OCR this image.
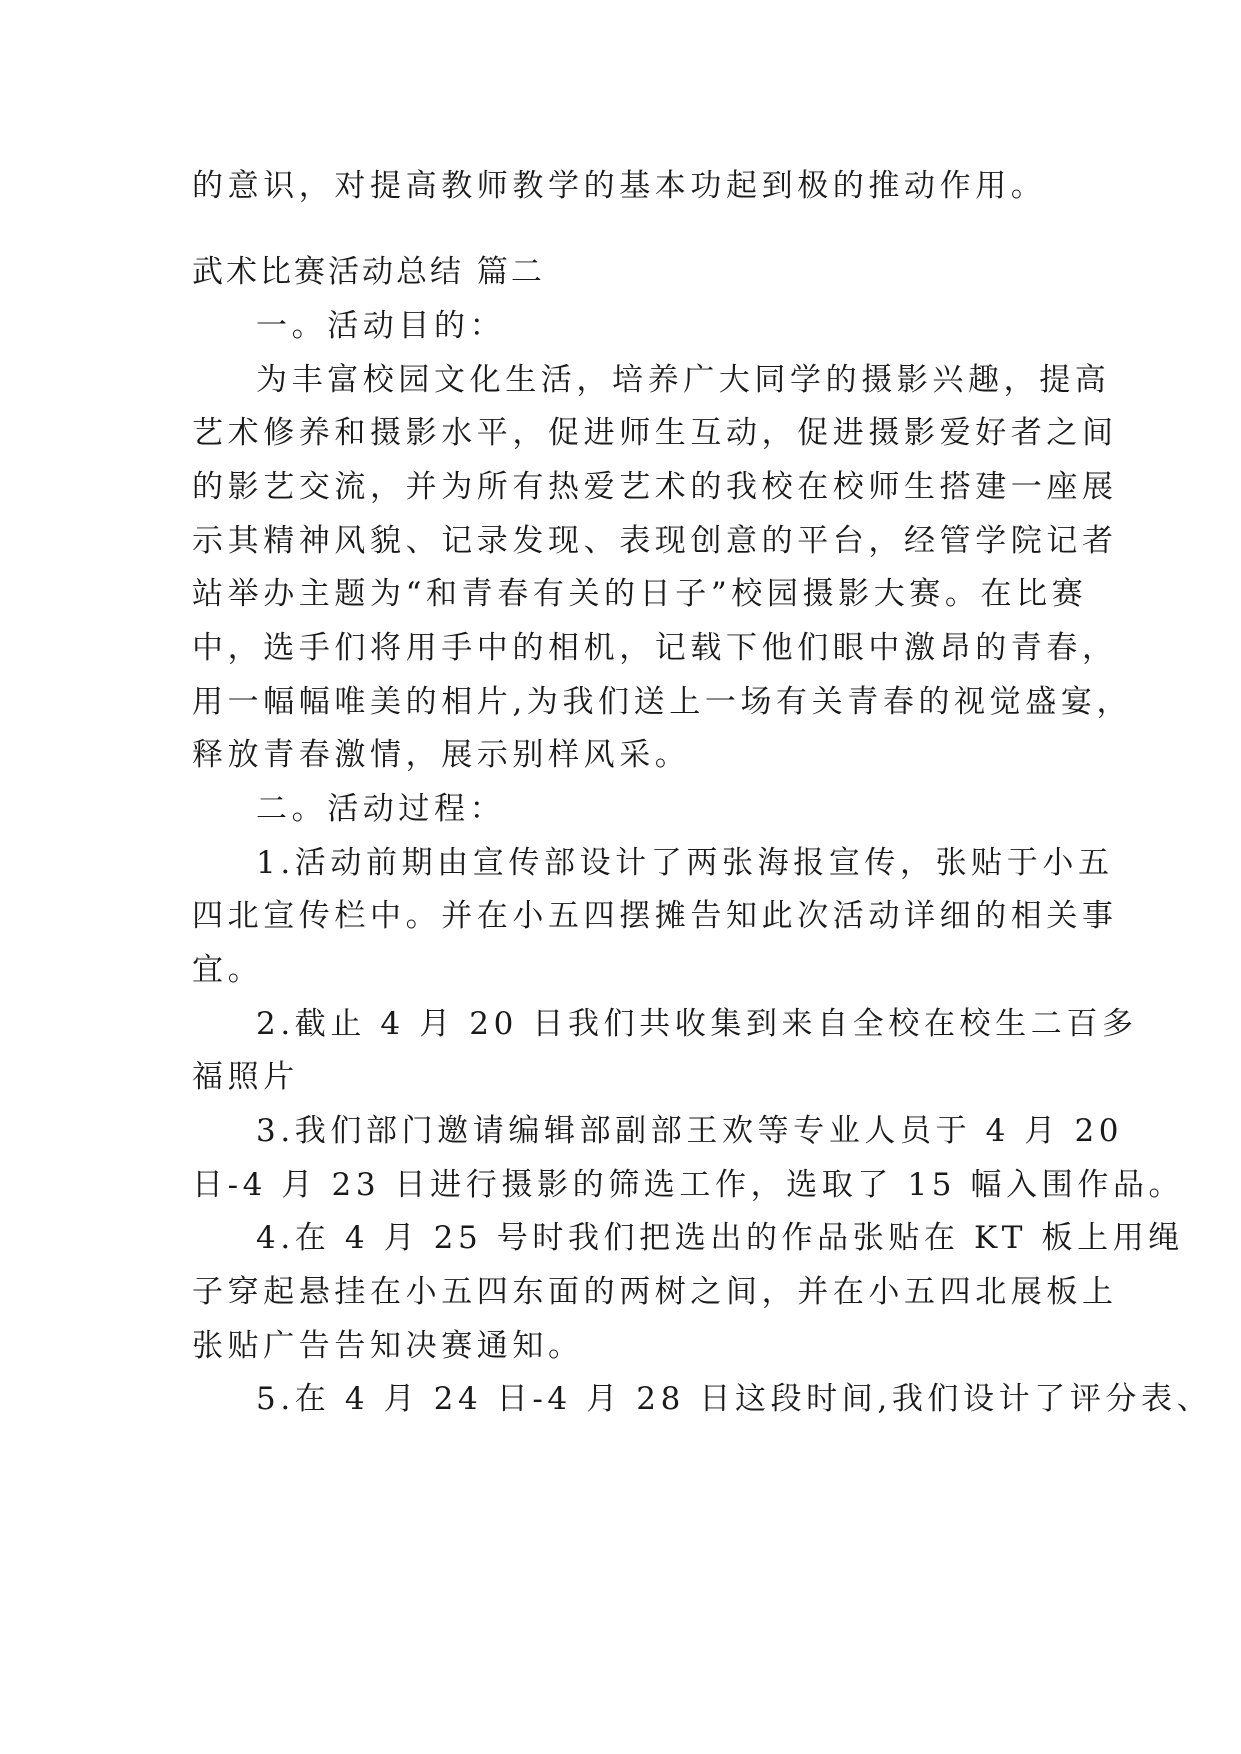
的意识，对提高教师教学的基本功起到极的推动作用。
武术比赛活动总结 篇二
一。活动目的：
为丰富校园文化生活，培养广大同学的摄影兴趣，提高
艺术修养和摄影水平，促进师生互动，促进摄影爱好者之间
的影艺交流，并为所有热爱艺术的我校在校师生搭建一座展
示其精神风貌、记录发现、表现创意的平台，经管学院记者
站举办主题为“和青春有关的日子”校园摄影大赛。在比赛
中，选手们将用手中的相机，记载下他们眼中激昂的青春，
用一幅幅唯美的相片,为我们送上一场有关青春的视觉盛宴，
释放青春激情，展示别样风采。
二。活动过程：
1.活动前期由宣传部设计了两张海报宣传，张贴于小五
四北宣传栏中。并在小五四摆摊告知此次活动详细的相关事
宜。
2.截止 4 月 20 日我们共收集到来自全校在校生二百多
福照片
3.我们部门邀请编辑部副部王欢等专业人员于 4 月 20
日-4 月 23 日进行摄影的筛选工作，选取了 15 幅入围作品。
4.在 4 月 25 号时我们把选出的作品张贴在 KT 板上用绳
子穿起悬挂在小五四东面的两树之间，并在小五四北展板上
张贴广告告知决赛通知。
5.在 4 月 24 日-4 月 28 日这段时间,我们设计了评分表、
